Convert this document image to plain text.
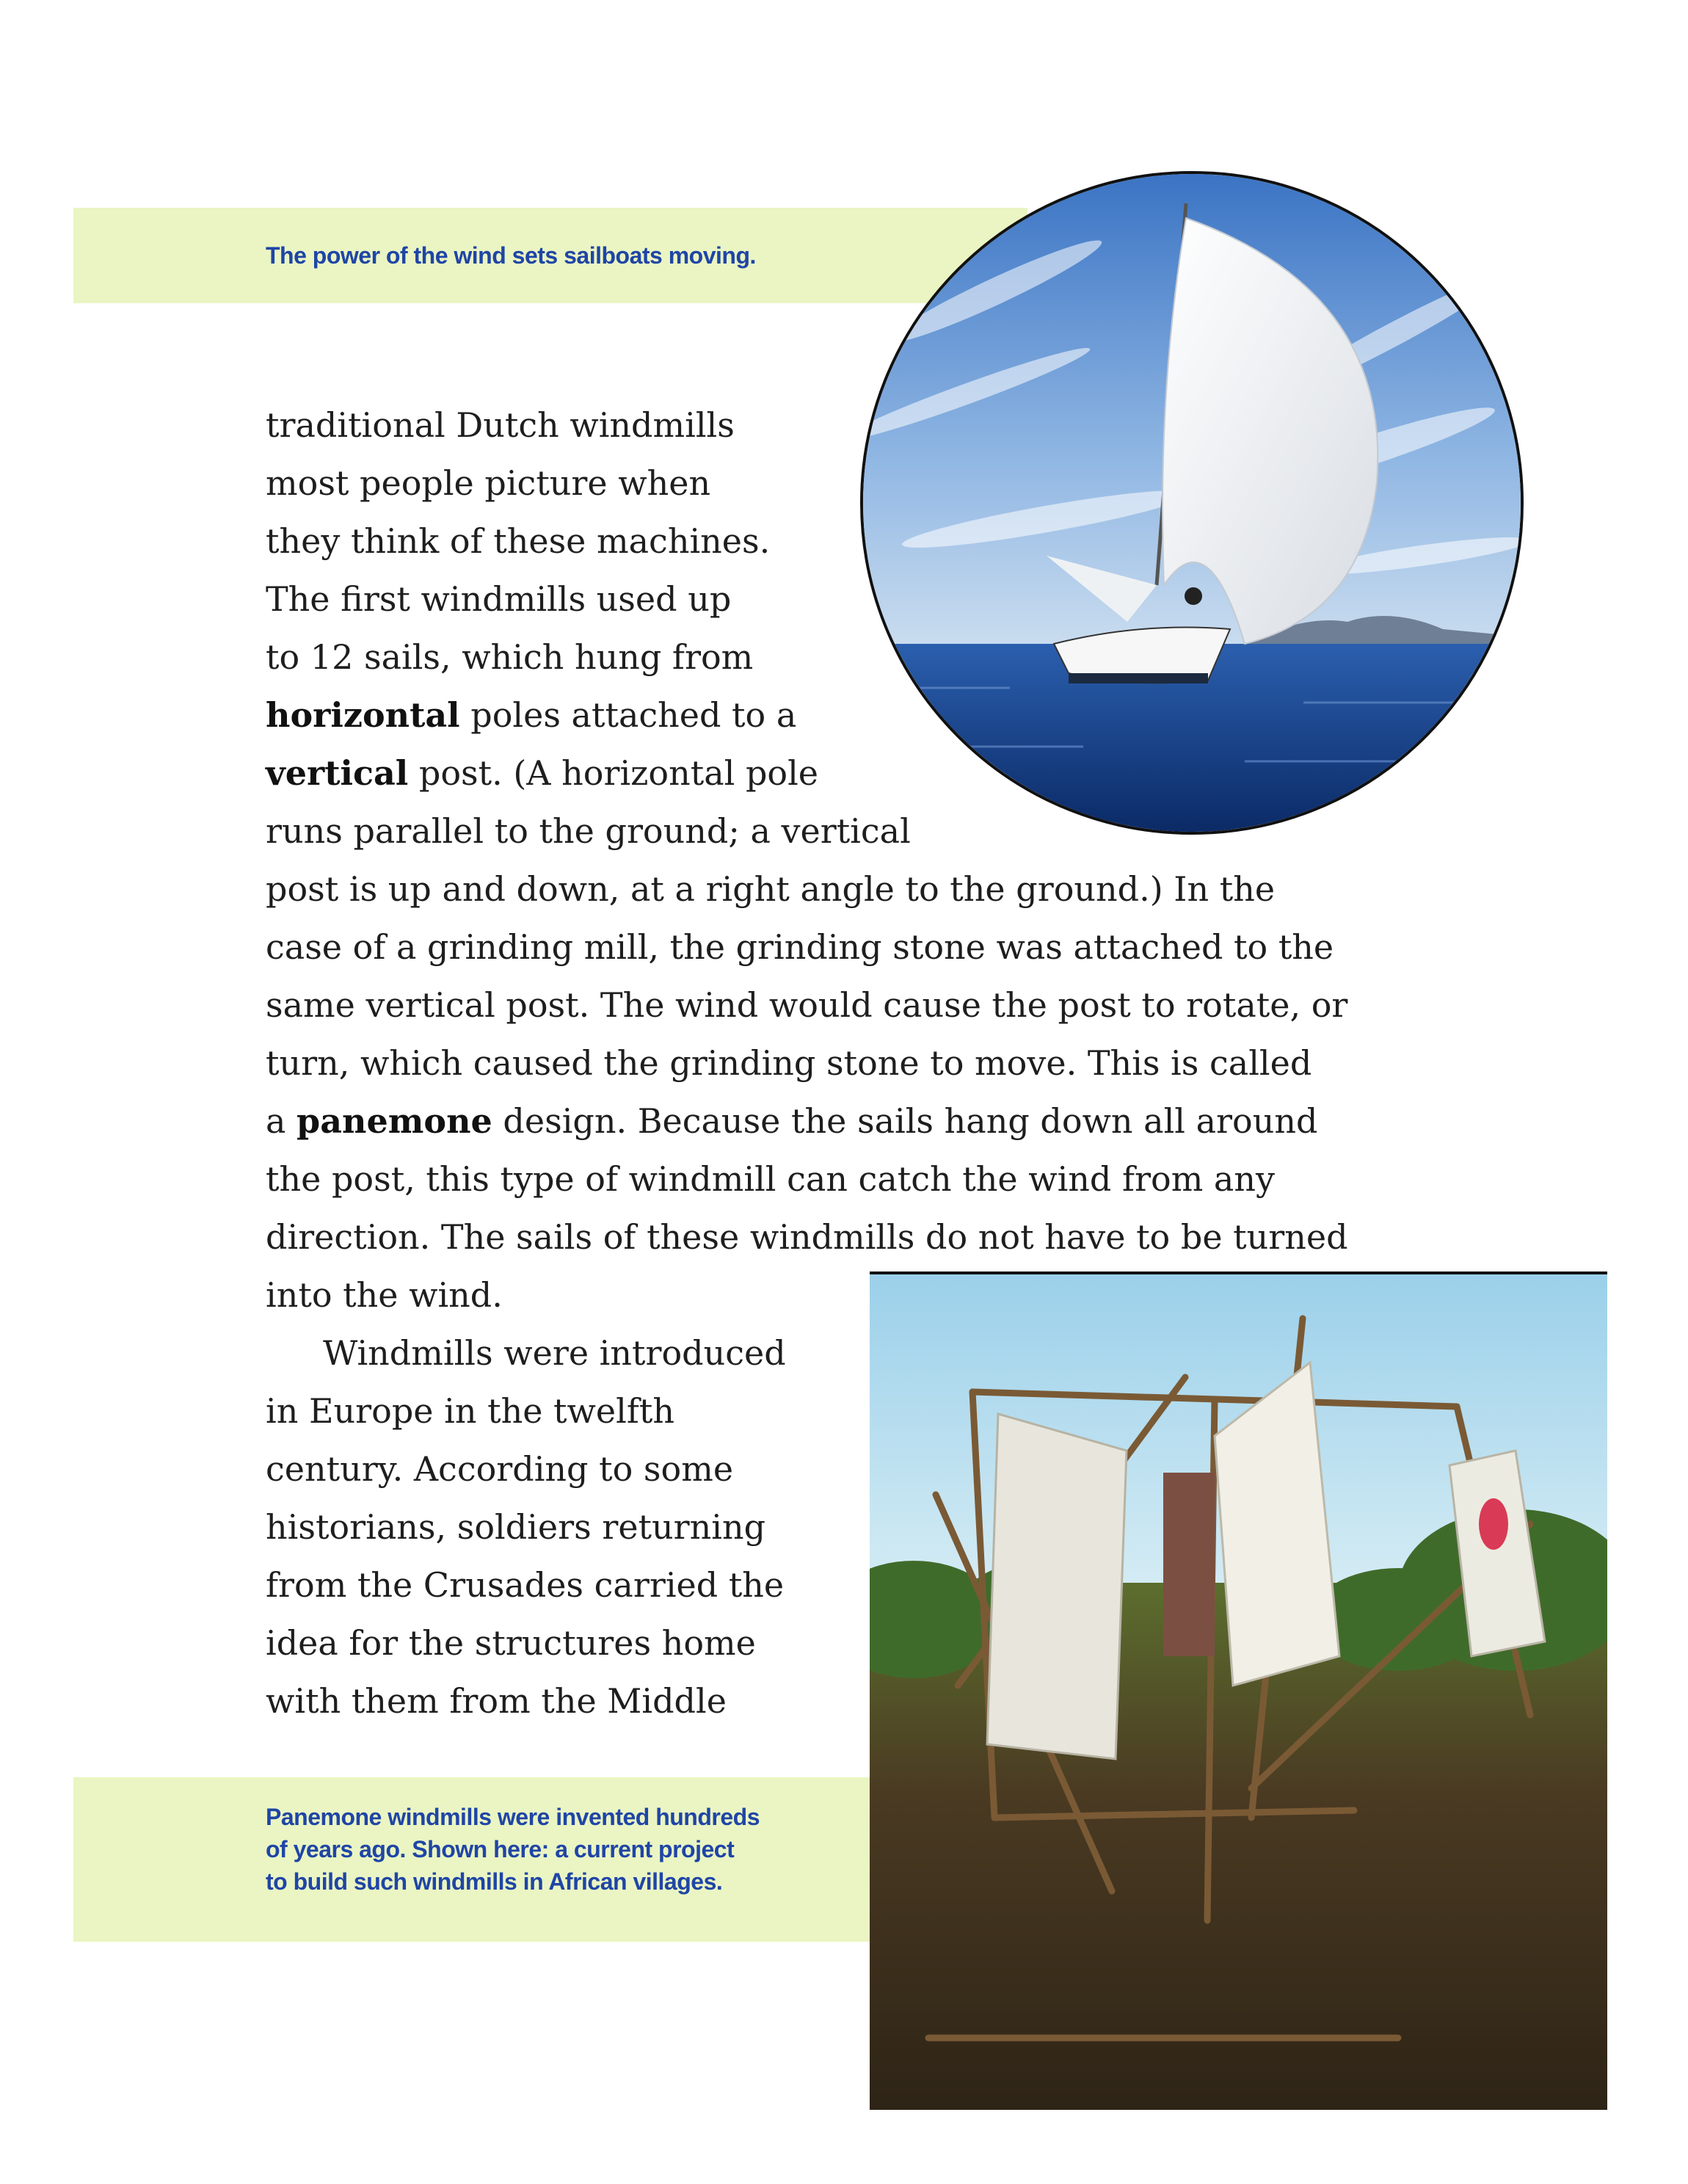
The power of the wind sets sailboats moving.
traditional Dutch windmills
most people picture when
they think of these machines.
The first windmills used up
to 12 sails, which hung from
horizontal poles attached to a
vertical post. (A horizontal pole
runs parallel to the ground; a vertical
post is up and down, at a right angle to the ground.) In the
case of a grinding mill, the grinding stone was attached to the
same vertical post. The wind would cause the post to rotate, or
turn, which caused the grinding stone to move. This is called
a panemone design. Because the sails hang down all around
the post, this type of windmill can catch the wind from any
direction. The sails of these windmills do not have to be turned
into the wind.
Windmills were introduced
in Europe in the twelfth
century. According to some
historians, soldiers returning
from the Crusades carried the
idea for the structures home
with them from the Middle
Panemone windmills were invented hundreds
of years ago. Shown here: a current project
to build such windmills in African villages.
